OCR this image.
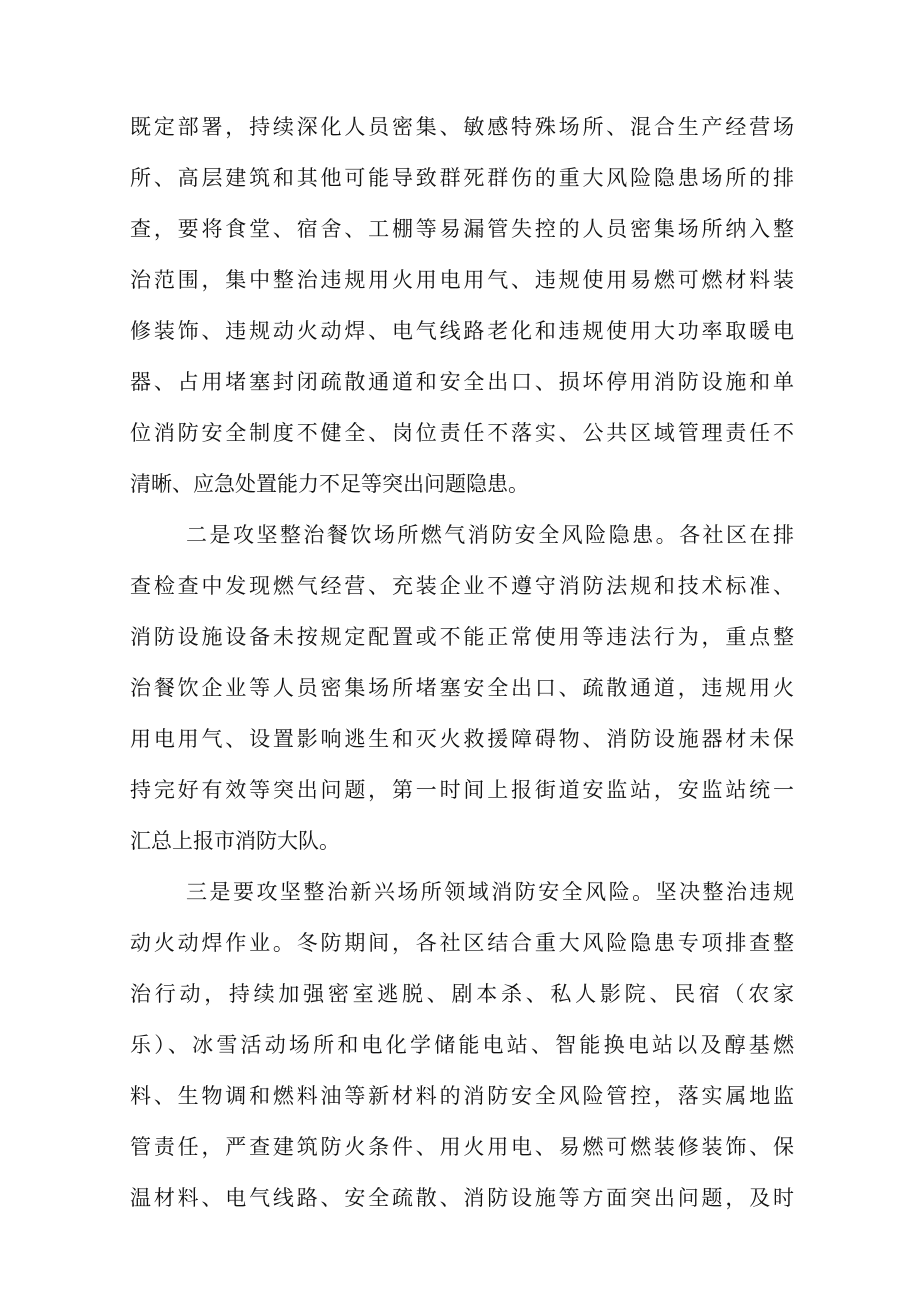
既定部署，持续深化人员密集、敏感特殊场所、混合生产经营场
所、高层建筑和其他可能导致群死群伤的重大风险隐患场所的排
查，要将食堂、宿舍、工棚等易漏管失控的人员密集场所纳入整
治范围，集中整治违规用火用电用气、违规使用易燃可燃材料装
修装饰、违规动火动焊、电气线路老化和违规使用大功率取暖电
器、占用堵塞封闭疏散通道和安全出口、损坏停用消防设施和单
位消防安全制度不健全、岗位责任不落实、公共区域管理责任不
清晰、应急处置能力不足等突出问题隐患。

二是攻坚整治餐饮场所燃气消防安全风险隐患。各社区在排
查检查中发现燃气经营、充装企业不遵守消防法规和技术标准、
消防设施设备未按规定配置或不能正常使用等违法行为，重点整
治餐饮企业等人员密集场所堵塞安全出口、疏散通道，违规用火
用电用气、设置影响逃生和灭火救援障碍物、消防设施器材未保
持完好有效等突出问题，第一时间上报街道安监站，安监站统一
汇总上报市消防大队。

三是要攻坚整治新兴场所领域消防安全风险。坚决整治违规
动火动焊作业。冬防期间，各社区结合重大风险隐患专项排查整
治行动，持续加强密室逃脱、剧本杀、私人影院、民宿（农家
乐）、冰雪活动场所和电化学储能电站、智能换电站以及醇基燃
料、生物调和燃料油等新材料的消防安全风险管控，落实属地监
管责任，严查建筑防火条件、用火用电、易燃可燃装修装饰、保
温材料、电气线路、安全疏散、消防设施等方面突出问题，及时
